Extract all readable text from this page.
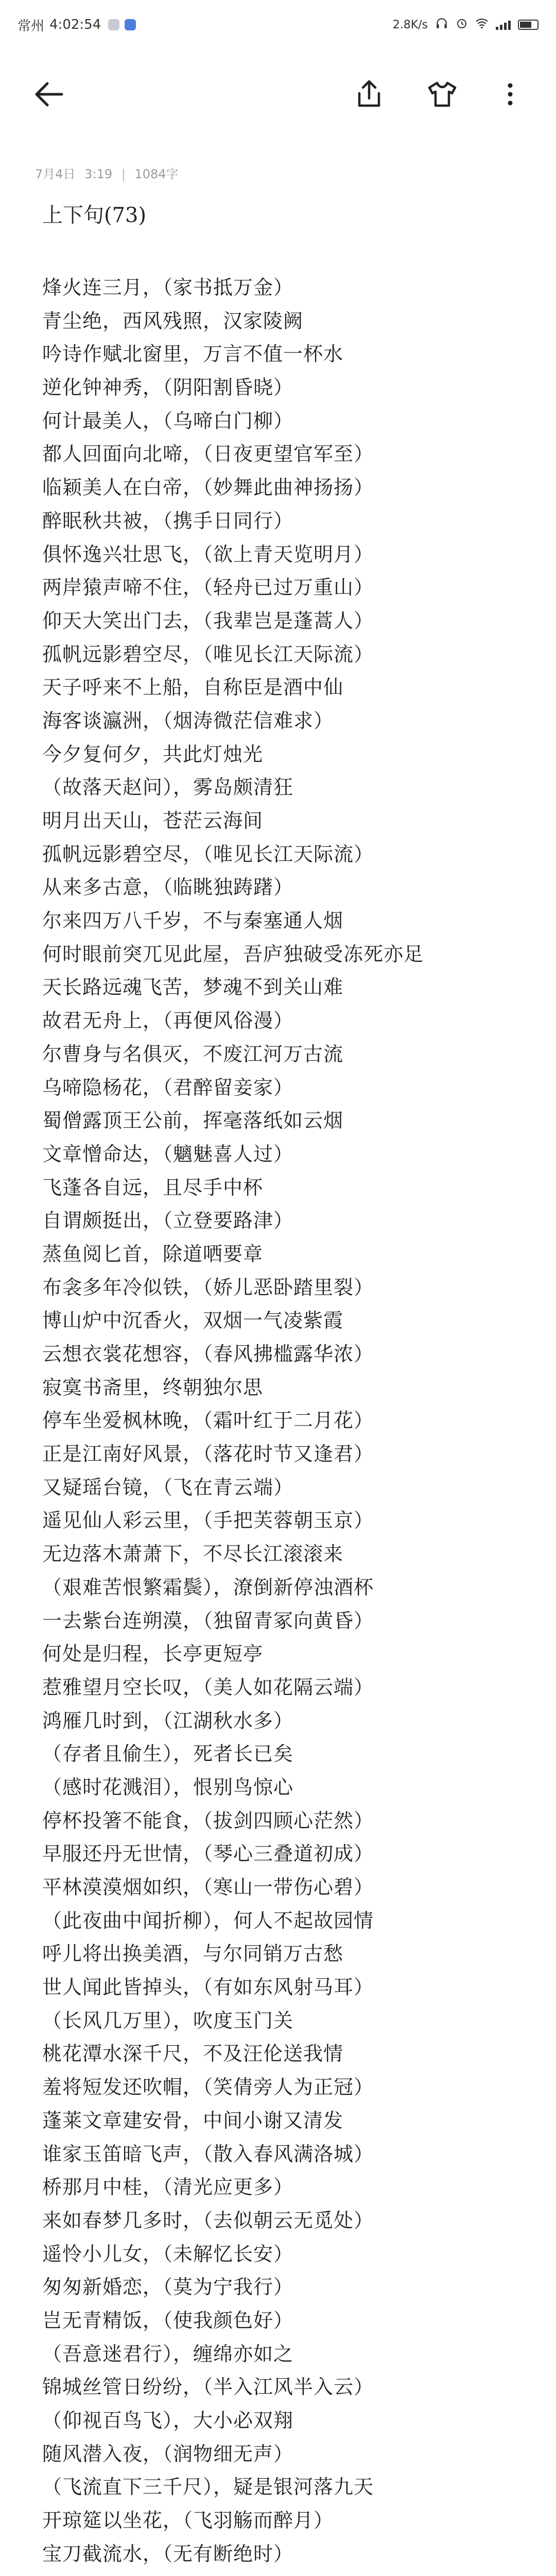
常州 4:02:54	2.8K/s
7月4日 3:19 | 1084字
上下句(73)
烽火连三月，（家书抵万金）
青尘绝，西风残照，汉家陵阙
吟诗作赋北窗里，万言不值一杯水
逆化钟神秀，（阴阳割昏晓）
何计最美人，（乌啼白门柳）
都人回面向北啼，（日夜更望官军至）
临颖美人在白帝，（妙舞此曲神扬扬）
醉眠秋共被，（携手日同行）
俱怀逸兴壮思飞，（欲上青天览明月）
两岸猿声啼不住，（轻舟已过万重山）
仰天大笑出门去，（我辈岂是蓬蒿人）
孤帆远影碧空尽，（唯见长江天际流）
天子呼来不上船，自称臣是酒中仙
海客谈瀛洲，（烟涛微茫信难求）
今夕复何夕，共此灯烛光
（故落天赵问），雾岛颇清狂
明月出天山，苍茫云海间
孤帆远影碧空尽，（唯见长江天际流）
从来多古意，（临眺独踌躇）
尔来四万八千岁，不与秦塞通人烟
何时眼前突兀见此屋，吾庐独破受冻死亦足
天长路远魂飞苦，梦魂不到关山难
故君无舟上，（再便风俗漫）
尔曹身与名俱灭，不废江河万古流
乌啼隐杨花，（君醉留妾家）
蜀僧露顶王公前，挥毫落纸如云烟
文章憎命达，（魑魅喜人过）
飞蓬各自远，且尽手中杯
自谓颇挺出，（立登要路津）
蒸鱼阅匕首，除道哂要章
布衾多年冷似铁，（娇儿恶卧踏里裂）
博山炉中沉香火，双烟一气凌紫霞
云想衣裳花想容，（春风拂槛露华浓）
寂寞书斋里，终朝独尔思
停车坐爱枫林晚，（霜叶红于二月花）
正是江南好风景，（落花时节又逢君）
又疑瑶台镜，（飞在青云端）
遥见仙人彩云里，（手把芙蓉朝玉京）
无边落木萧萧下，不尽长江滚滚来
（艰难苦恨繁霜鬓），潦倒新停浊酒杯
一去紫台连朔漠，（独留青冢向黄昏）
何处是归程，长亭更短亭
惹雅望月空长叹，（美人如花隔云端）
鸿雁几时到，（江湖秋水多）
（存者且偷生），死者长已矣
（感时花溅泪），恨别鸟惊心
停杯投箸不能食，（拔剑四顾心茫然）
早服还丹无世情，（琴心三叠道初成）
平林漠漠烟如织，（寒山一带伤心碧）
（此夜曲中闻折柳），何人不起故园情
呼儿将出换美酒，与尔同销万古愁
世人闻此皆掉头，（有如东风射马耳）
（长风几万里），吹度玉门关
桃花潭水深千尺，不及汪伦送我情
羞将短发还吹帽，（笑倩旁人为正冠）
蓬莱文章建安骨，中间小谢又清发
谁家玉笛暗飞声，（散入春风满洛城）
桥那月中桂，（清光应更多）
来如春梦几多时，（去似朝云无觅处）
遥怜小儿女，（未解忆长安）
匆匆新婚恋，（莫为宁我行）
岂无青精饭，（使我颜色好）
（吾意迷君行），缠绵亦如之
锦城丝管日纷纷，（半入江风半入云）
（仰视百鸟飞），大小必双翔
随风潜入夜，（润物细无声）
（飞流直下三千尺），疑是银河落九天
开琼筵以坐花，（飞羽觞而醉月）
宝刀截流水，（无有断绝时）
